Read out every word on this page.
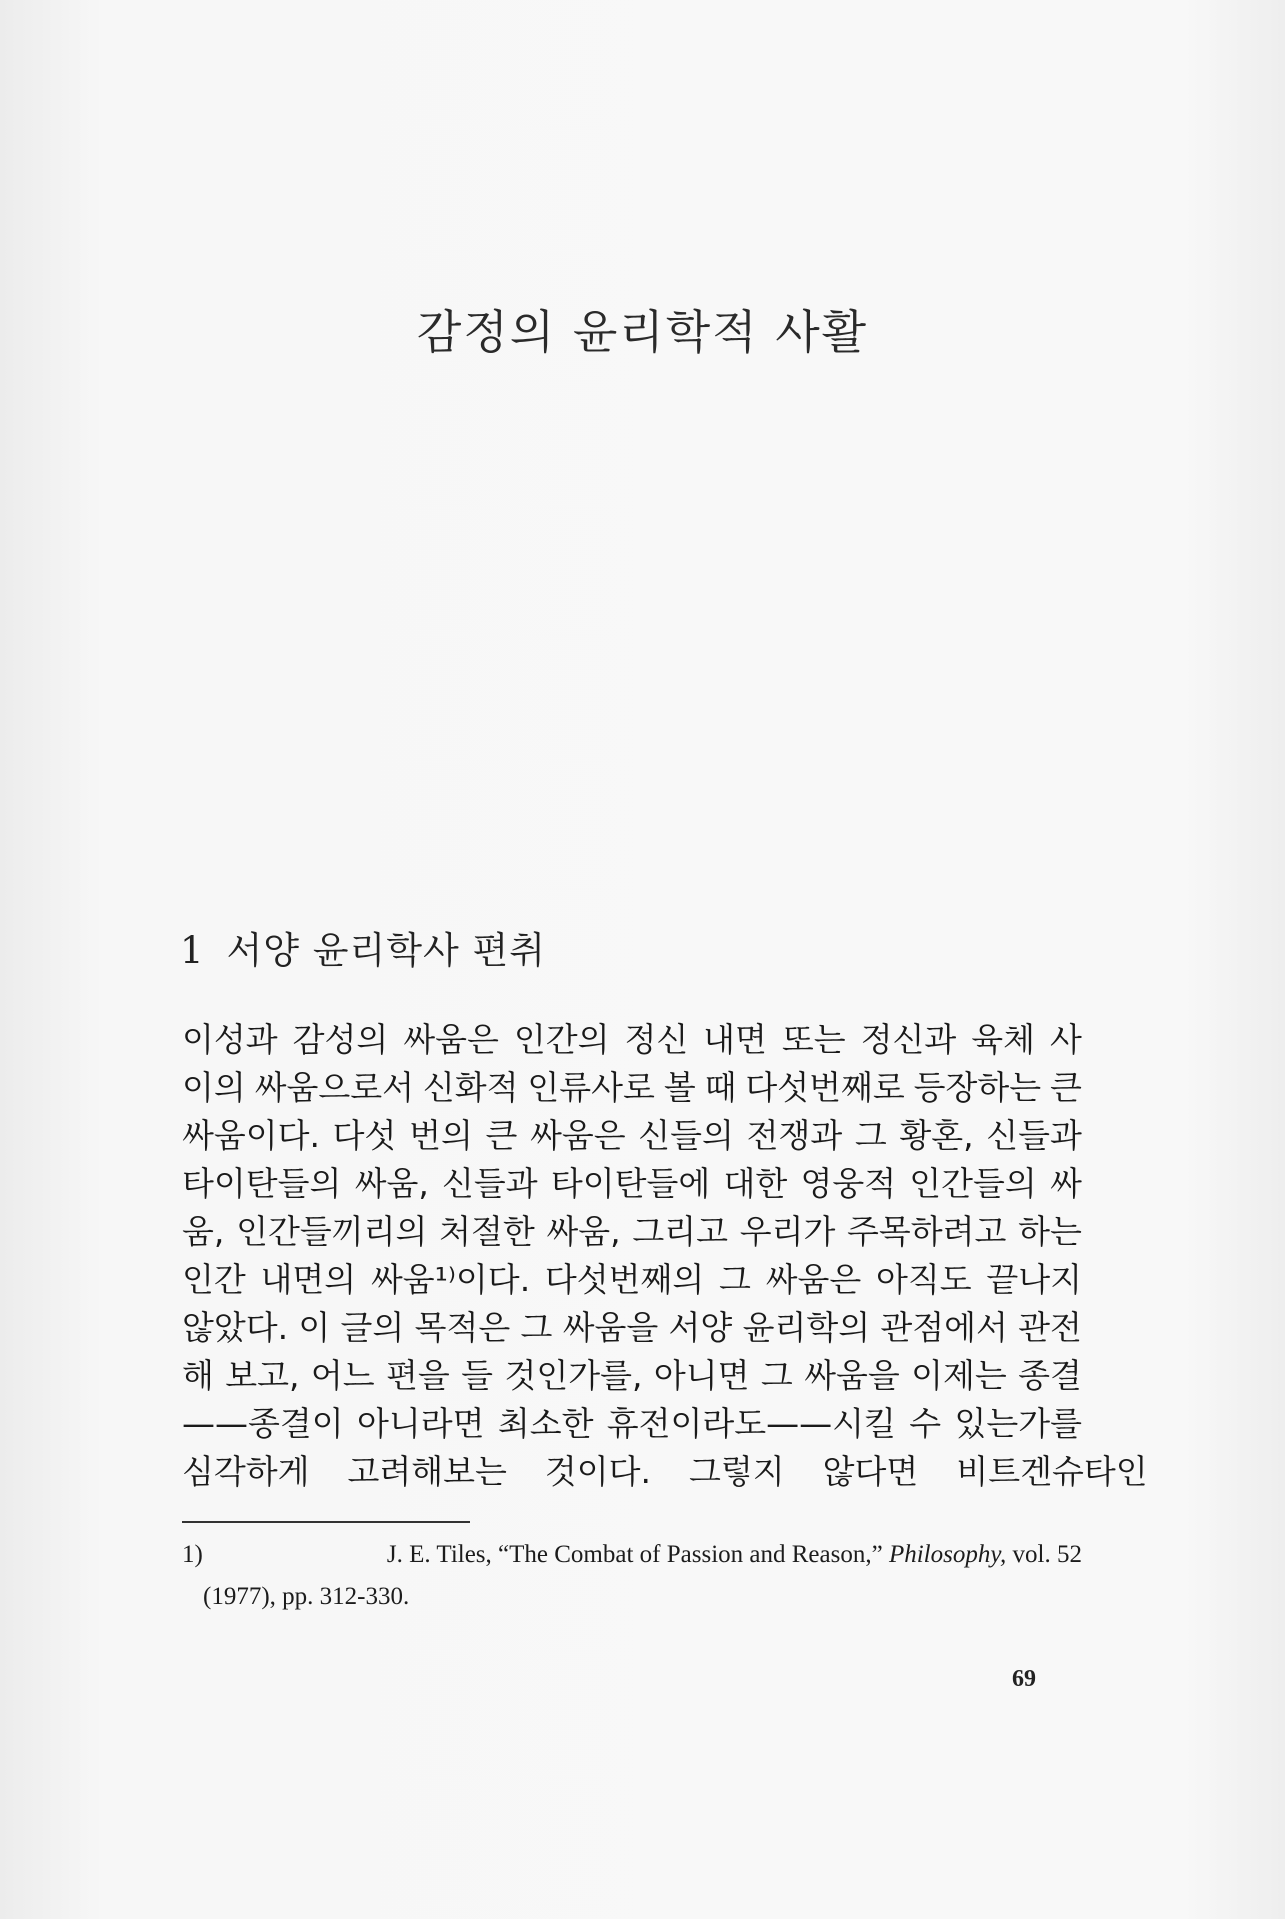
감정의 윤리학적 사활
1 서양 윤리학사 편취
이성과 감성의 싸움은 인간의 정신 내면 또는 정신과 육체 사
이의 싸움으로서 신화적 인류사로 볼 때 다섯번째로 등장하는 큰
싸움이다. 다섯 번의 큰 싸움은 신들의 전쟁과 그 황혼, 신들과
타이탄들의 싸움, 신들과 타이탄들에 대한 영웅적 인간들의 싸
움, 인간들끼리의 처절한 싸움, 그리고 우리가 주목하려고 하는
인간 내면의 싸움¹⁾이다. 다섯번째의 그 싸움은 아직도 끝나지
않았다. 이 글의 목적은 그 싸움을 서양 윤리학의 관점에서 관전
해 보고, 어느 편을 들 것인가를, 아니면 그 싸움을 이제는 종결
——종결이 아니라면 최소한 휴전이라도——시킬 수 있는가를
심각하게 고려해보는 것이다. 그렇지 않다면 비트겐슈타인
1)	J. E. Tiles, “The Combat of Passion and Reason,” Philosophy, vol. 52
(1977), pp. 312-330.
69
